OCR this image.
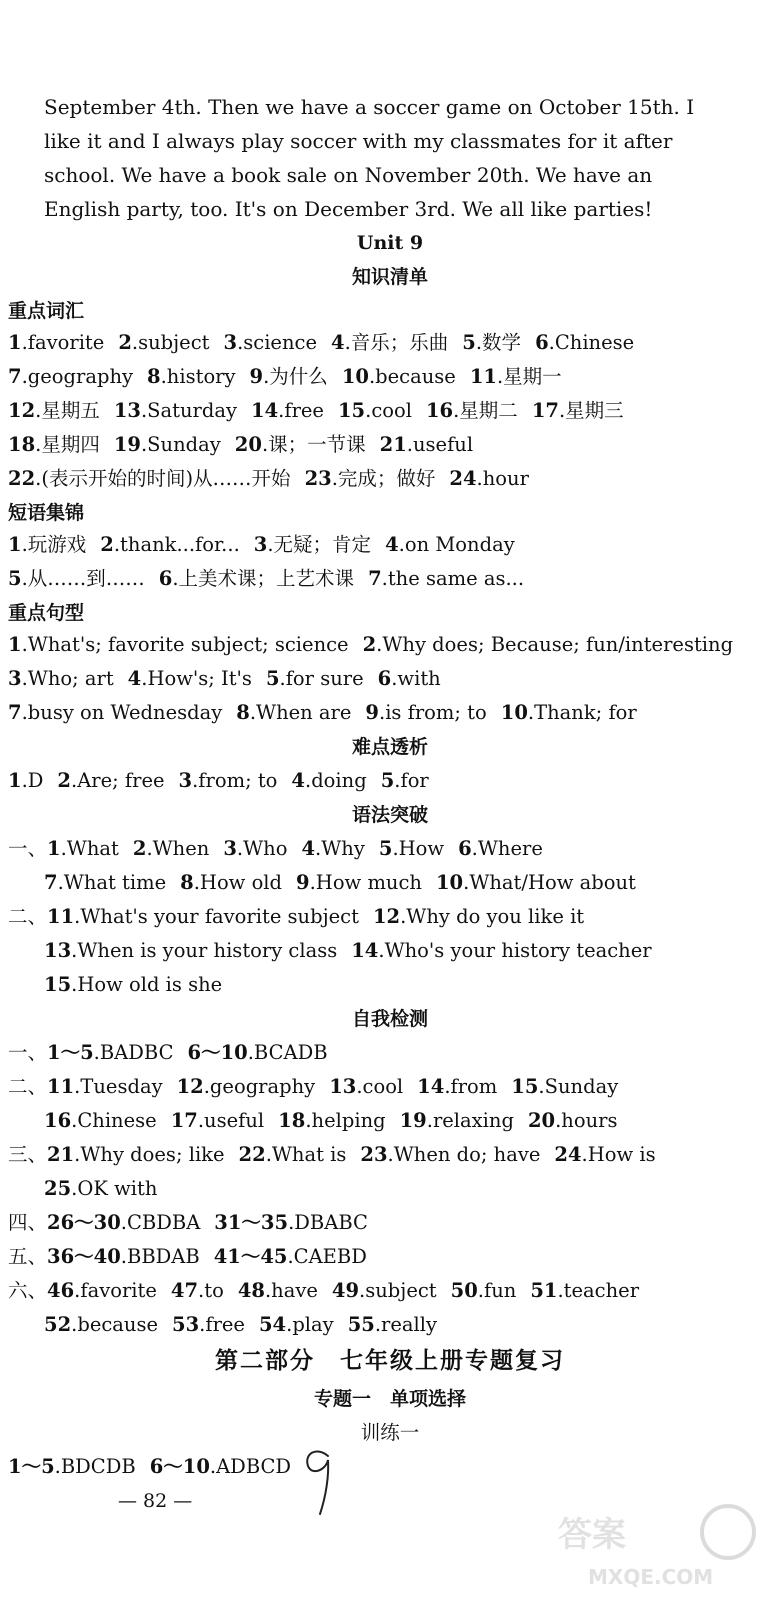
September 4th. Then we have a soccer game on October 15th. I
like it and I always play soccer with my classmates for it after
school. We have a book sale on November 20th. We have an
English party, too. It's on December 3rd. We all like parties!
Unit 9
知识清单
重点词汇
1.favorite 2.subject 3.science 4.音乐；乐曲 5.数学 6.Chinese
7.geography 8.history 9.为什么 10.because 11.星期一
12.星期五 13.Saturday 14.free 15.cool 16.星期二 17.星期三
18.星期四 19.Sunday 20.课；一节课 21.useful
22.(表示开始的时间)从……开始 23.完成；做好 24.hour
短语集锦
1.玩游戏 2.thank...for... 3.无疑；肯定 4.on Monday
5.从……到…… 6.上美术课；上艺术课 7.the same as...
重点句型
1.What's; favorite subject; science 2.Why does; Because; fun/interesting
3.Who; art 4.How's; It's 5.for sure 6.with
7.busy on Wednesday 8.When are 9.is from; to 10.Thank; for
难点透析
1.D 2.Are; free 3.from; to 4.doing 5.for
语法突破
一、1.What 2.When 3.Who 4.Why 5.How 6.Where
7.What time 8.How old 9.How much 10.What/How about
二、11.What's your favorite subject 12.Why do you like it
13.When is your history class 14.Who's your history teacher
15.How old is she
自我检测
一、1～5.BADBC 6～10.BCADB
二、11.Tuesday 12.geography 13.cool 14.from 15.Sunday
16.Chinese 17.useful 18.helping 19.relaxing 20.hours
三、21.Why does; like 22.What is 23.When do; have 24.How is
25.OK with
四、26～30.CBDBA 31～35.DBABC
五、36～40.BBDAB 41～45.CAEBD
六、46.favorite 47.to 48.have 49.subject 50.fun 51.teacher
52.because 53.free 54.play 55.really
第二部分　七年级上册专题复习
专题一　单项选择
训练一
1～5.BDCDB 6～10.ADBCD
— 82 —
答案
MXQE.COM
